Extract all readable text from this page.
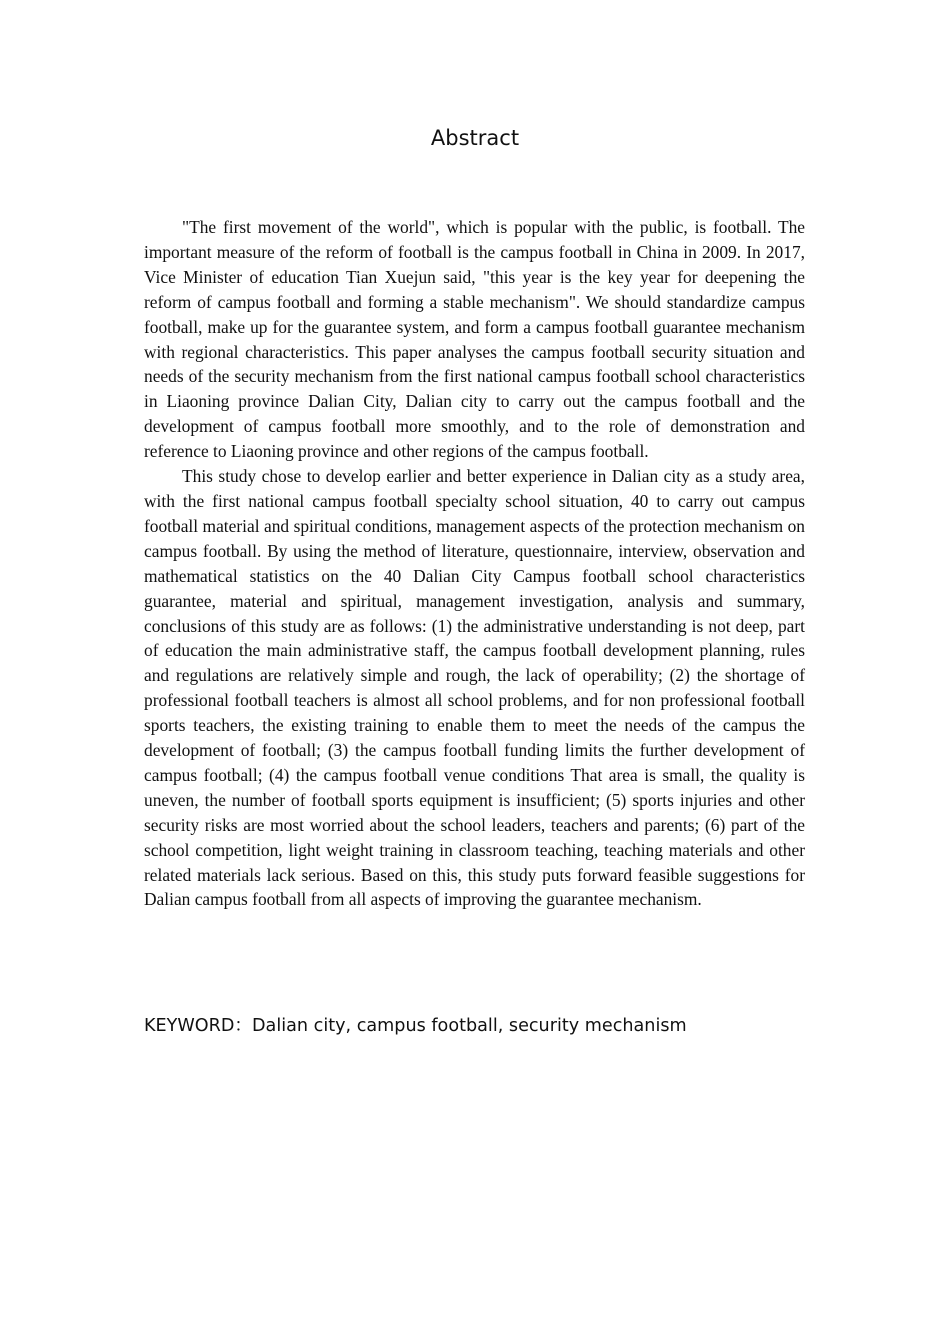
Abstract

"The first movement of the world", which is popular with the public, is football. The important measure of the reform of football is the campus football in China in 2009. In 2017, Vice Minister of education Tian Xuejun said, "this year is the key year for deepening the reform of campus football and forming a stable mechanism". We should standardize campus football, make up for the guarantee system, and form a campus football guarantee mechanism with regional characteristics. This paper analyses the campus football security situation and needs of the security mechanism from the first national campus football school characteristics in Liaoning province Dalian City, Dalian city to carry out the campus football and the development of campus football more smoothly, and to the role of demonstration and reference to Liaoning province and other regions of the campus football.

This study chose to develop earlier and better experience in Dalian city as a study area, with the first national campus football specialty school situation, 40 to carry out campus football material and spiritual conditions, management aspects of the protection mechanism on campus football. By using the method of literature, questionnaire, interview, observation and mathematical statistics on the 40 Dalian City Campus football school characteristics guarantee, material and spiritual, management investigation, analysis and summary, conclusions of this study are as follows: (1) the administrative understanding is not deep, part of education the main administrative staff, the campus football development planning, rules and regulations are relatively simple and rough, the lack of operability; (2) the shortage of professional football teachers is almost all school problems, and for non professional football sports teachers, the existing training to enable them to meet the needs of the campus the development of football; (3) the campus football funding limits the further development of campus football; (4) the campus football venue conditions That area is small, the quality is uneven, the number of football sports equipment is insufficient; (5) sports injuries and other security risks are most worried about the school leaders, teachers and parents; (6) part of the school competition, light weight training in classroom teaching, teaching materials and other related materials lack serious. Based on this, this study puts forward feasible suggestions for Dalian campus football from all aspects of improving the guarantee mechanism.

KEYWORD：Dalian city, campus football, security mechanism
